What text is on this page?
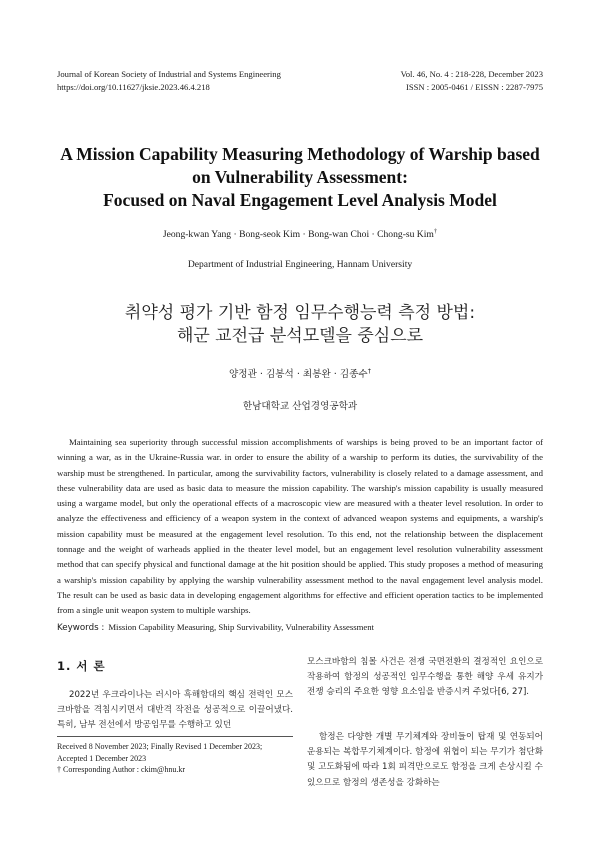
Journal of Korean Society of Industrial and Systems Engineering
https://doi.org/10.11627/jksie.2023.46.4.218
Vol. 46, No. 4 : 218-228, December 2023
ISSN : 2005-0461 / EISSN : 2287-7975
A Mission Capability Measuring Methodology of Warship based
on Vulnerability Assessment:
Focused on Naval Engagement Level Analysis Model
Jeong-kwan Yang · Bong-seok Kim · Bong-wan Choi · Chong-su Kim†
Department of Industrial Engineering, Hannam University
취약성 평가 기반 함정 임무수행능력 측정 방법:
해군 교전급 분석모델을 중심으로
양정관 · 김봉석 · 최봉완 · 김종수†
한남대학교 산업경영공학과

Maintaining sea superiority through successful mission accomplishments of warships is being proved to be an important factor of winning a war, as in the Ukraine-Russia war. in order to ensure the ability of a warship to perform its duties, the survivability of the warship must be strengthened. In particular, among the survivability factors, vulnerability is closely related to a damage assessment, and these vulnerability data are used as basic data to measure the mission capability. The warship's mission capability is usually measured using a wargame model, but only the operational effects of a macroscopic view are measured with a theater level resolution. In order to analyze the effectiveness and efficiency of a weapon system in the context of advanced weapon systems and equipments, a warship's mission capability must be measured at the engagement level resolution. To this end, not the relationship between the displacement tonnage and the weight of warheads applied in the theater level model, but an engagement level resolution vulnerability assessment method that can specify physical and functional damage at the hit position should be applied. This study proposes a method of measuring a warship's mission capability by applying the warship vulnerability assessment method to the naval engagement level analysis model. The result can be used as basic data in developing engagement algorithms for effective and efficient operation tactics to be implemented from a single unit weapon system to multiple warships.

Keywords : Mission Capability Measuring, Ship Survivability, Vulnerability Assessment
1. 서 론

2022년 우크라이나는 러시아 흑해함대의 핵심 전력인 모스크바함을 격침시키면서 대반격 작전을 성공적으로 이끌어냈다. 특히, 남부 전선에서 방공임무를 수행하고 있던

모스크바함의 침몰 사건은 전쟁 국면전환의 결정적인 요인으로 작용하여 함정의 성공적인 임무수행을 통한 해양 우세 유지가 전쟁 승리의 주요한 영향 요소임을 반증시켜 주었다[6, 27].

함정은 다양한 개별 무기체계와 장비들이 탑재 및 연동되어 운용되는 복합무기체계이다. 함정에 위협이 되는 무기가 첨단화 및 고도화됨에 따라 1회 피격만으로도 함정을 크게 손상시킬 수 있으므로 함정의 생존성을 강화하는

Received 8 November 2023; Finally Revised 1 December 2023;
Accepted 1 December 2023
† Corresponding Author : ckim@hnu.kr
